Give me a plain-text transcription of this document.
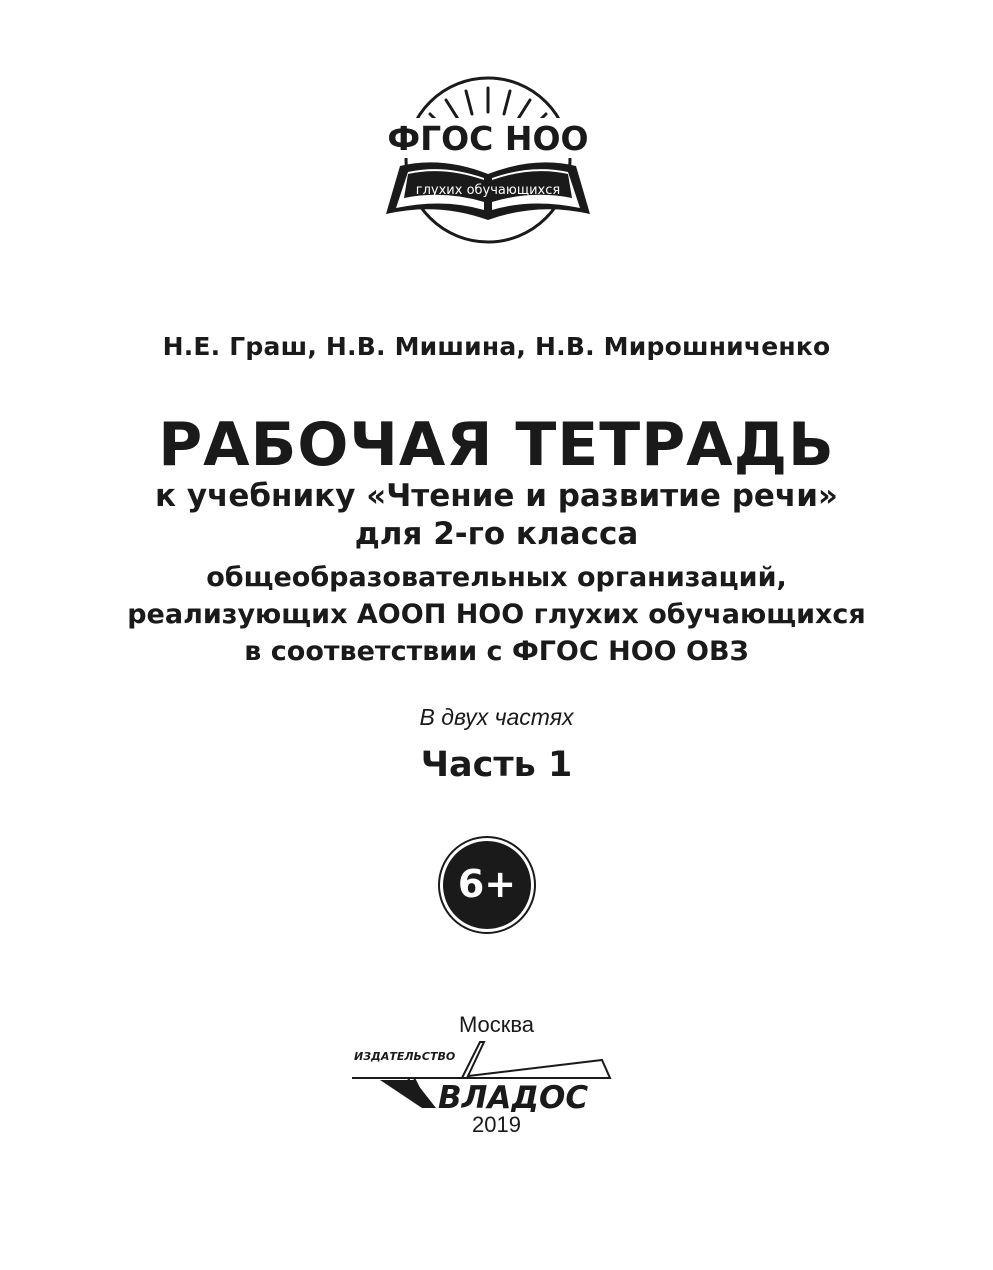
ФГОС НОО
глухих обучающихся
Н.Е. Граш, Н.В. Мишина, Н.В. Мирошниченко
РАБОЧАЯ ТЕТРАДЬ
к учебнику «Чтение и развитие речи»
для 2-го класса
общеобразовательных организаций,
реализующих АООП НОО глухих обучающихся
в соответствии с ФГОС НОО ОВЗ
В двух частях
Часть 1
6+
Москва
ИЗДАТЕЛЬСТВО
ВЛАДОС
2019
